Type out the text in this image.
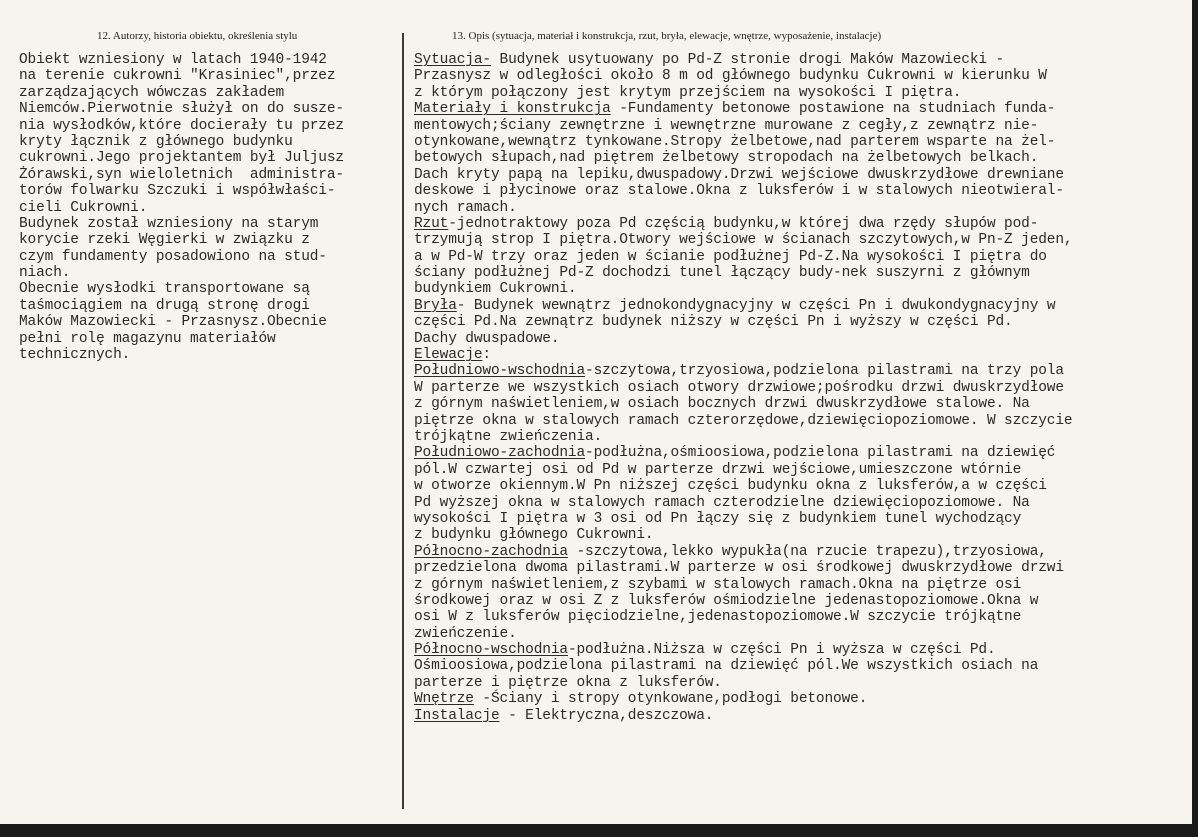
12. Autorzy, historia obiektu, określenia stylu	13. Opis (sytuacja, materiał i konstrukcja, rzut, bryła, elewacje, wnętrze, wyposażenie, instalacje)
Obiekt wzniesiony w latach 1940-1942
na terenie cukrowni "Krasiniec",przez
zarządzających wówczas zakładem
Niemców.Pierwotnie służył on do susze-
nia wysłodków,które docierały tu przez
kryty łącznik z głównego budynku
cukrowni.Jego projektantem był Juljusz
Żórawski,syn wieloletnich  administra-
torów folwarku Szczuki i współwłaści-
cieli Cukrowni.
Budynek został wzniesiony na starym
korycie rzeki Węgierki w związku z
czym fundamenty posadowiono na stud-
niach.
Obecnie wysłodki transportowane są
taśmociągiem na drugą stronę drogi
Maków Mazowiecki - Przasnysz.Obecnie
pełni rolę magazynu materiałów
technicznych.
Sytuacja- Budynek usytuowany po Pd-Z stronie drogi Maków Mazowiecki -
Przasnysz w odległości około 8 m od głównego budynku Cukrowni w kierunku W
z którym połączony jest krytym przejściem na wysokości I piętra.
Materiały i konstrukcja -Fundamenty betonowe postawione na studniach funda-
mentowych;ściany zewnętrzne i wewnętrzne murowane z cegły,z zewnątrz nie-
otynkowane,wewnątrz tynkowane.Stropy żelbetowe,nad parterem wsparte na żel-
betowych słupach,nad piętrem żelbetowy stropodach na żelbetowych belkach.
Dach kryty papą na lepiku,dwuspadowy.Drzwi wejściowe dwuskrzydłowe drewniane
deskowe i płycinowe oraz stalowe.Okna z luksferów i w stalowych nieotwieral-
nych ramach.
Rzut-jednotraktowy poza Pd częścią budynku,w której dwa rzędy słupów pod-
trzymują strop I piętra.Otwory wejściowe w ścianach szczytowych,w Pn-Z jeden,
a w Pd-W trzy oraz jeden w ścianie podłużnej Pd-Z.Na wysokości I piętra do
ściany podłużnej Pd-Z dochodzi tunel łączący budy-nek suszyrni z głównym
budynkiem Cukrowni.
Bryła- Budynek wewnątrz jednokondygnacyjny w części Pn i dwukondygnacyjny w
części Pd.Na zewnątrz budynek niższy w części Pn i wyższy w części Pd.
Dachy dwuspadowe.
Elewacje:
Południowo-wschodnia-szczytowa,trzyosiowa,podzielona pilastrami na trzy pola
W parterze we wszystkich osiach otwory drzwiowe;pośrodku drzwi dwuskrzydłowe
z górnym naświetleniem,w osiach bocznych drzwi dwuskrzydłowe stalowe. Na
piętrze okna w stalowych ramach czterorzędowe,dziewięciopoziomowe. W szczycie
trójkątne zwieńczenia.
Południowo-zachodnia-podłużna,ośmioosiowa,podzielona pilastrami na dziewięć
pól.W czwartej osi od Pd w parterze drzwi wejściowe,umieszczone wtórnie
w otworze okiennym.W Pn niższej części budynku okna z luksferów,a w części
Pd wyższej okna w stalowych ramach czterodzielne dziewięciopoziomowe. Na
wysokości I piętra w 3 osi od Pn łączy się z budynkiem tunel wychodzący
z budynku głównego Cukrowni.
Północno-zachodnia -szczytowa,lekko wypukła(na rzucie trapezu),trzyosiowa,
przedzielona dwoma pilastrami.W parterze w osi środkowej dwuskrzydłowe drzwi
z górnym naświetleniem,z szybami w stalowych ramach.Okna na piętrze osi
środkowej oraz w osi Z z luksferów ośmiodzielne jedenastopoziomowe.Okna w
osi W z luksferów pięciodzielne,jedenastopoziomowe.W szczycie trójkątne
zwieńczenie.
Północno-wschodnia-podłużna.Niższa w części Pn i wyższa w części Pd.
Ośmioosiowa,podzielona pilastrami na dziewięć pól.We wszystkich osiach na
parterze i piętrze okna z luksferów.
Wnętrze -Ściany i stropy otynkowane,podłogi betonowe.
Instalacje - Elektryczna,deszczowa.
